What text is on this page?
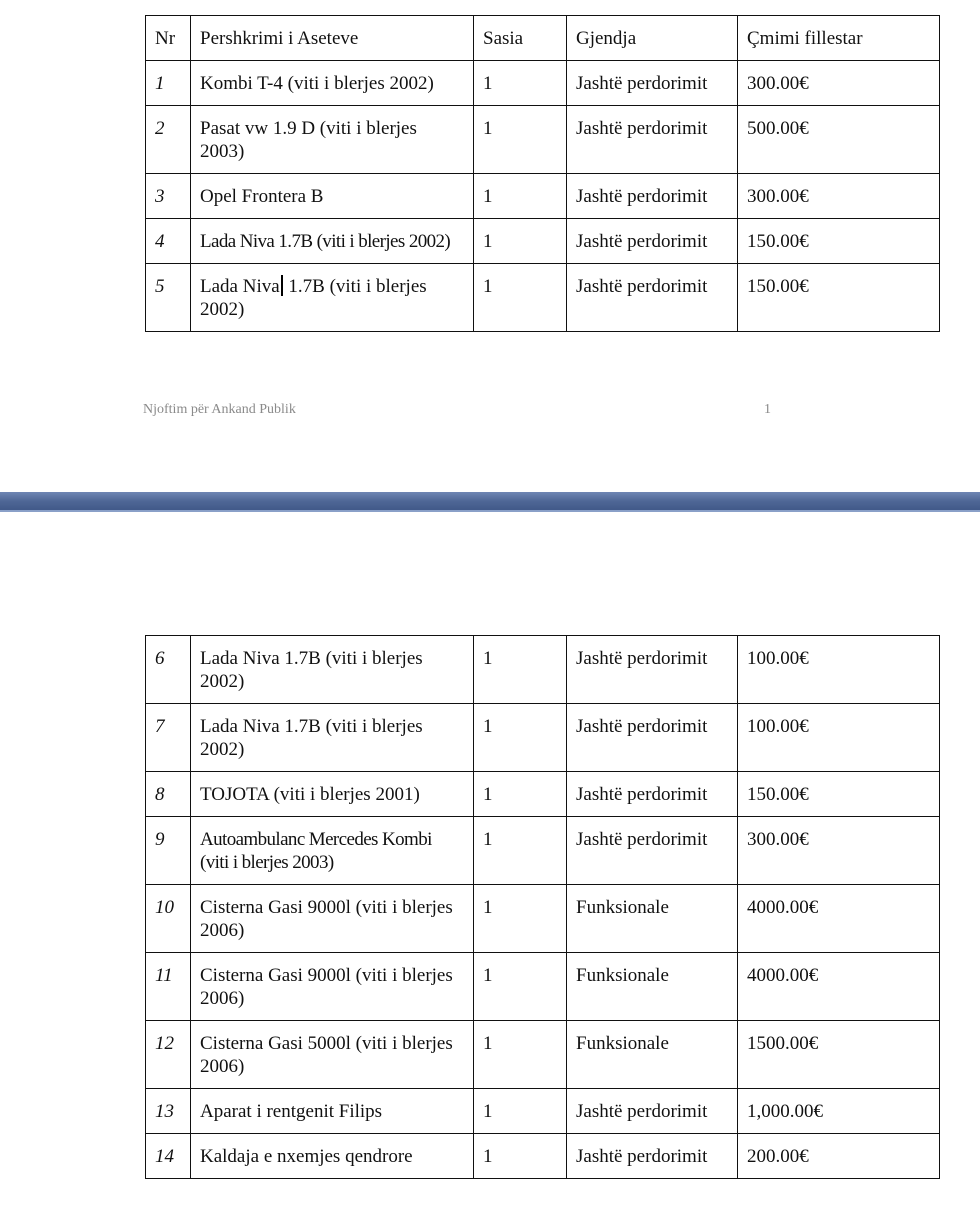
Nr	Pershkrimi i Aseteve	Sasia	Gjendja	Çmimi fillestar
1	Kombi T-4 (viti i blerjes 2002)	1	Jashtë perdorimit	300.00€
2	Pasat vw 1.9 D (viti i blerjes 2003)	1	Jashtë perdorimit	500.00€
3	Opel Frontera B	1	Jashtë perdorimit	300.00€
4	Lada Niva 1.7B (viti i blerjes 2002)	1	Jashtë perdorimit	150.00€
5	Lada Niva 1.7B (viti i blerjes 2002)	1	Jashtë perdorimit	150.00€
Njoftim për Ankand Publik	1
6	Lada Niva 1.7B (viti i blerjes 2002)	1	Jashtë perdorimit	100.00€
7	Lada Niva 1.7B (viti i blerjes 2002)	1	Jashtë perdorimit	100.00€
8	TOJOTA (viti i blerjes 2001)	1	Jashtë perdorimit	150.00€
9	Autoambulanc Mercedes Kombi (viti i blerjes 2003)	1	Jashtë perdorimit	300.00€
10	Cisterna Gasi 9000l (viti i blerjes 2006)	1	Funksionale	4000.00€
11	Cisterna Gasi 9000l (viti i blerjes 2006)	1	Funksionale	4000.00€
12	Cisterna Gasi 5000l (viti i blerjes 2006)	1	Funksionale	1500.00€
13	Aparat i rentgenit Filips	1	Jashtë perdorimit	1,000.00€
14	Kaldaja e nxemjes qendrore	1	Jashtë perdorimit	200.00€
